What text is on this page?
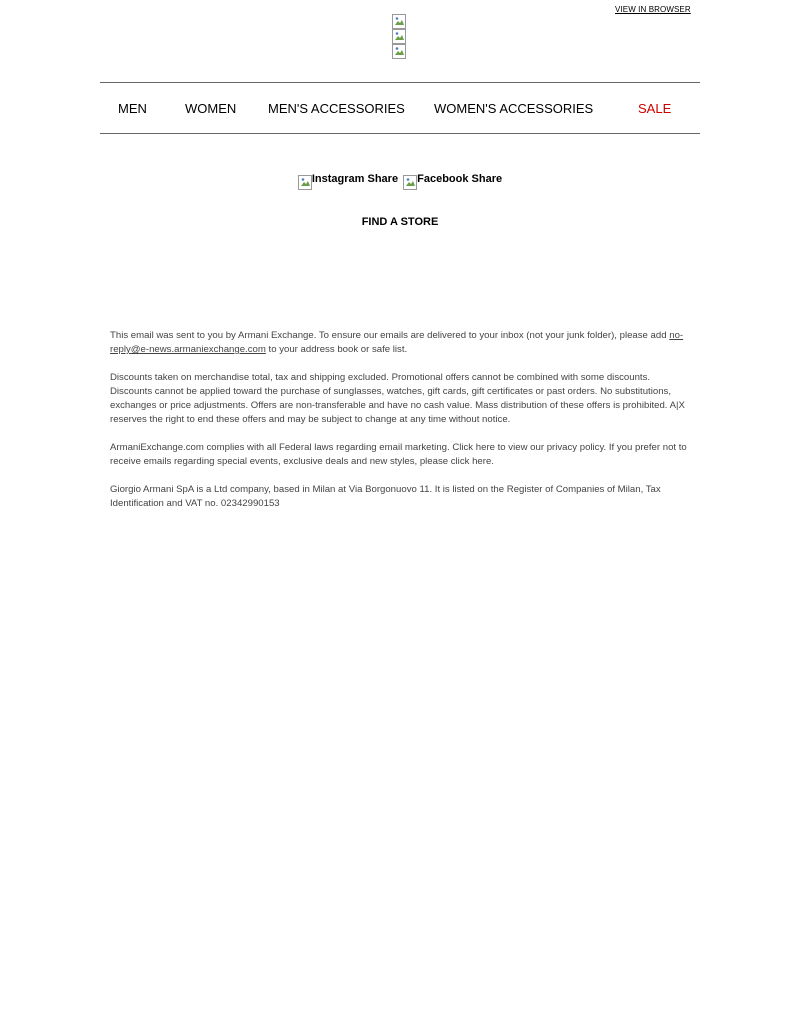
VIEW IN BROWSER
MEN	WOMEN MEN'S ACCESSORIES WOMEN'S ACCESSORIES	SALE
Instagram Share
Facebook Share
FIND A STORE

This email was sent to you by Armani Exchange. To ensure our emails are delivered to your inbox (not your junk folder), please add no-reply@e-news.armaniexchange.com to your address book or safe list.

Discounts taken on merchandise total, tax and shipping excluded. Promotional offers cannot be combined with some discounts. Discounts cannot be applied toward the purchase of sunglasses, watches, gift cards, gift certificates or past orders. No substitutions, exchanges or price adjustments. Offers are non-transferable and have no cash value. Mass distribution of these offers is prohibited. A|X reserves the right to end these offers and may be subject to change at any time without notice.

ArmaniExchange.com complies with all Federal laws regarding email marketing. Click here to view our privacy policy. If you prefer not to receive emails regarding special events, exclusive deals and new styles, please click here.

Giorgio Armani SpA is a Ltd company, based in Milan at Via Borgonuovo 11. It is listed on the Register of Companies of Milan, Tax Identification and VAT no. 02342990153
